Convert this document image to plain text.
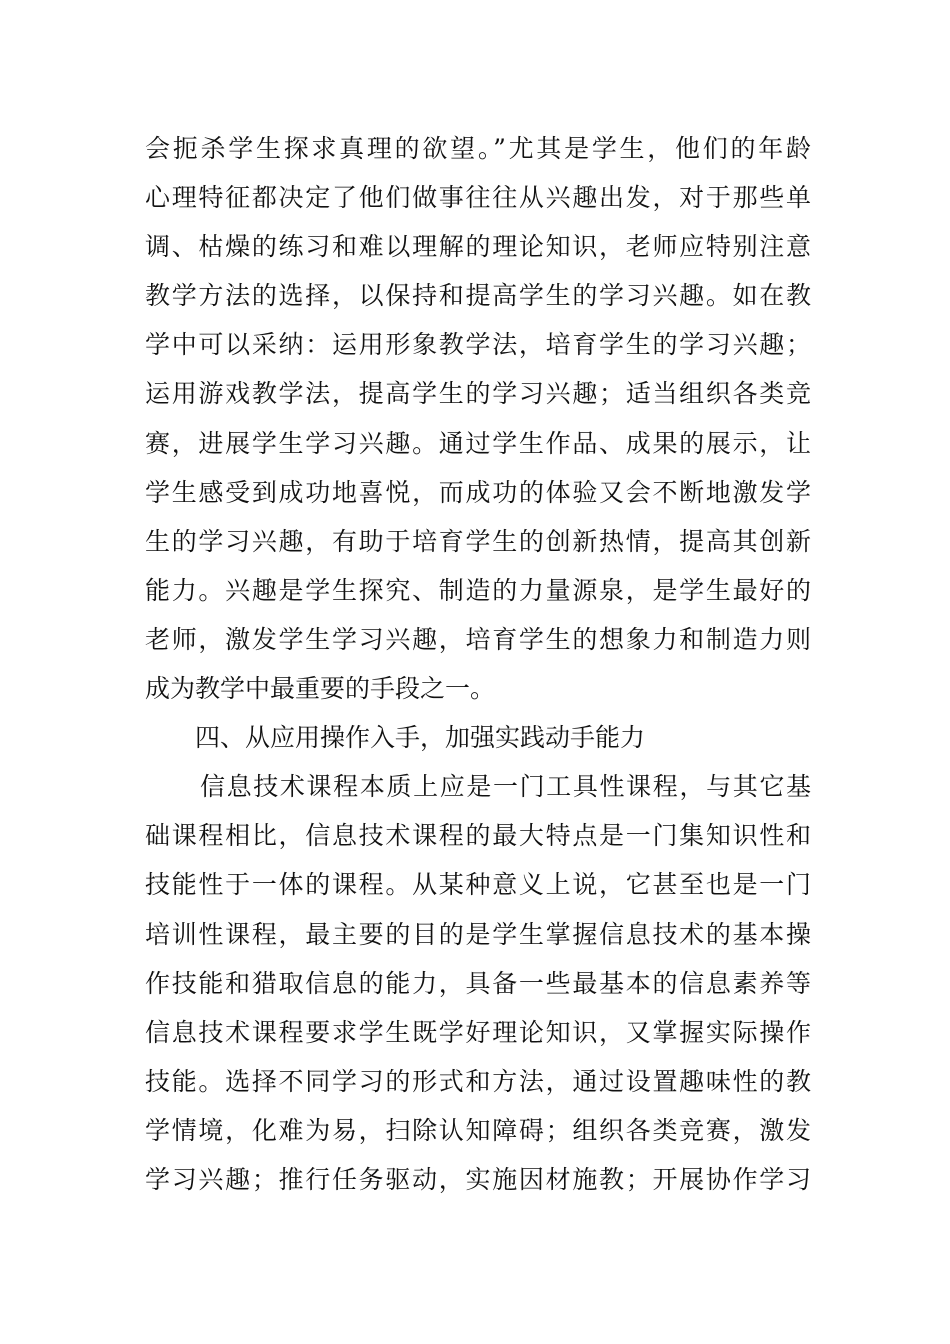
会扼杀学生探求真理的欲望。”尤其是学生，他们的年龄
心理特征都决定了他们做事往往从兴趣出发，对于那些单
调、枯燥的练习和难以理解的理论知识，老师应特别注意
教学方法的选择，以保持和提高学生的学习兴趣。如在教
学中可以采纳：运用形象教学法，培育学生的学习兴趣；
运用游戏教学法，提高学生的学习兴趣；适当组织各类竞
赛，进展学生学习兴趣。通过学生作品、成果的展示，让
学生感受到成功地喜悦，而成功的体验又会不断地激发学
生的学习兴趣，有助于培育学生的创新热情，提高其创新
能力。兴趣是学生探究、制造的力量源泉，是学生最好的
老师，激发学生学习兴趣，培育学生的想象力和制造力则
成为教学中最重要的手段之一。
四、从应用操作入手，加强实践动手能力
信息技术课程本质上应是一门工具性课程，与其它基
础课程相比，信息技术课程的最大特点是一门集知识性和
技能性于一体的课程。从某种意义上说，它甚至也是一门
培训性课程，最主要的目的是学生掌握信息技术的基本操
作技能和猎取信息的能力，具备一些最基本的信息素养等
信息技术课程要求学生既学好理论知识，又掌握实际操作
技能。选择不同学习的形式和方法，通过设置趣味性的教
学情境，化难为易，扫除认知障碍；组织各类竞赛，激发
学习兴趣；推行任务驱动，实施因材施教；开展协作学习
